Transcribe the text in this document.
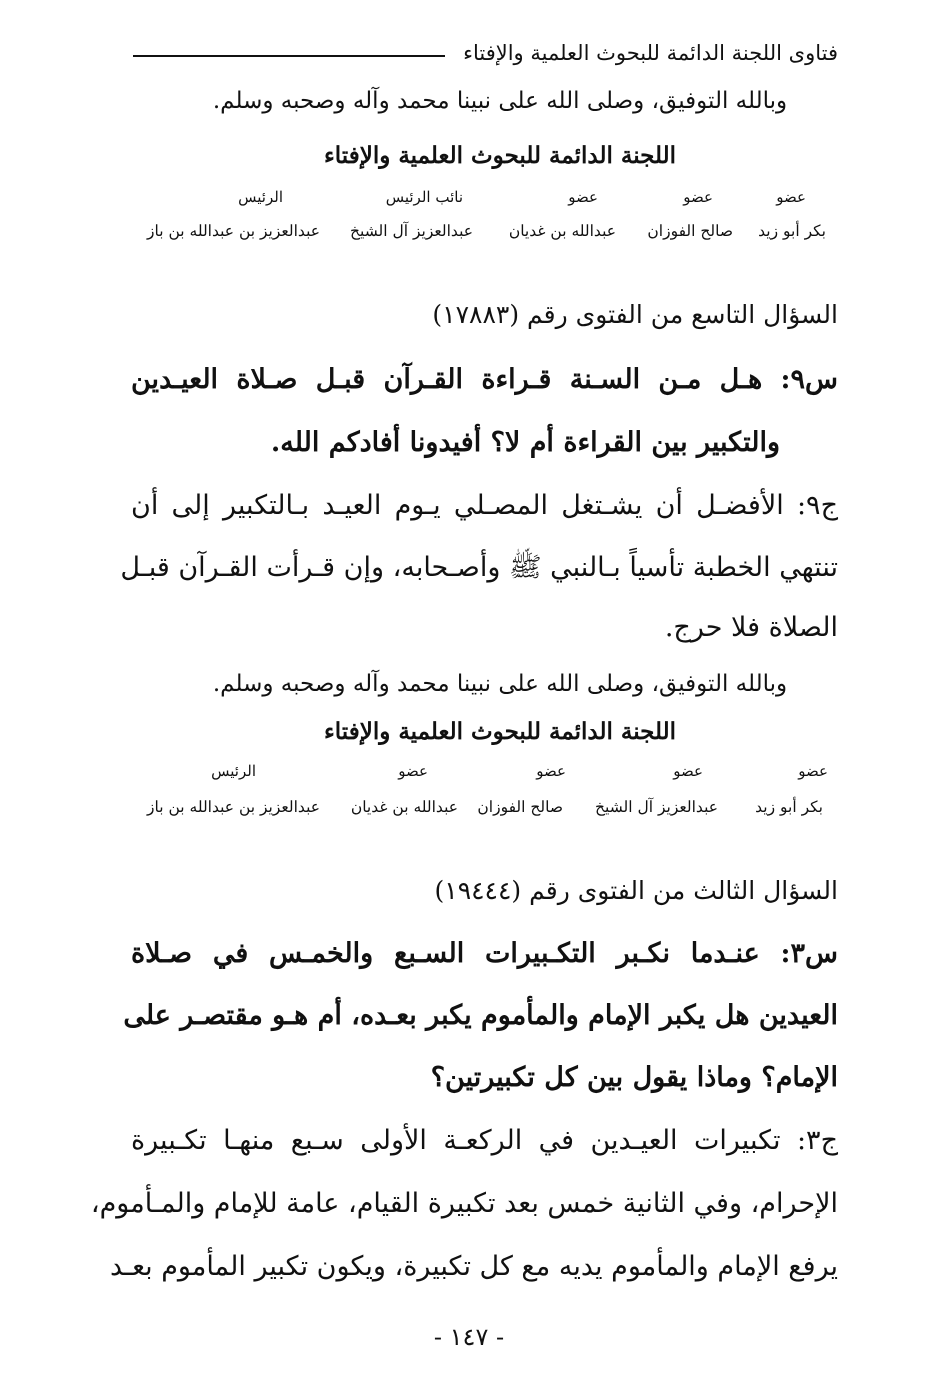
فتاوى اللجنة الدائمة للبحوث العلمية والإفتاء
وبالله التوفيق، وصلى الله على نبينا محمد وآله وصحبه وسلم.
اللجنة الدائمة للبحوث العلمية والإفتاء
عضو
عضو
عضو
نائب الرئيس
الرئيس
بكر أبو زيد
صالح الفوزان
عبدالله بن غديان
عبدالعزيز آل الشيخ
عبدالعزيز بن عبدالله بن باز
السؤال التاسع من الفتوى رقم (١٧٨٨٣)
س٩: هـل مـن السـنة قـراءة القـرآن قبـل صـلاة العيـدين
والتكبير بين القراءة أم لا؟ أفيدونا أفادكم الله.
ج٩: الأفضـل أن يشـتغل المصـلي يـوم العيـد بـالتكبير إلى أن
تنتهي الخطبة تأسياً بـالنبي ﷺ وأصـحابه، وإن قـرأت القـرآن قبـل
الصلاة فلا حرج.
وبالله التوفيق، وصلى الله على نبينا محمد وآله وصحبه وسلم.
اللجنة الدائمة للبحوث العلمية والإفتاء
عضو
عضو
عضو
عضو
الرئيس
بكر أبو زيد
عبدالعزيز آل الشيخ
صالح الفوزان
عبدالله بن غديان
عبدالعزيز بن عبدالله بن باز
السؤال الثالث من الفتوى رقم (١٩٤٤٤)
س٣: عنـدما نكـبر التكـبيرات السـبع والخمـس في صـلاة
العيدين هل يكبر الإمام والمأموم يكبر بعـده، أم هـو مقتصـر على
الإمام؟ وماذا يقول بين كل تكبيرتين؟
ج٣: تكبيرات العيـدين في الركعـة الأولى سـبع منهـا تكـبيرة
الإحرام، وفي الثانية خمس بعد تكبيرة القيام، عامة للإمام والمـأموم،
يرفع الإمام والمأموم يديه مع كل تكبيرة، ويكون تكبير المأموم بعـد
- ١٤٧ -
